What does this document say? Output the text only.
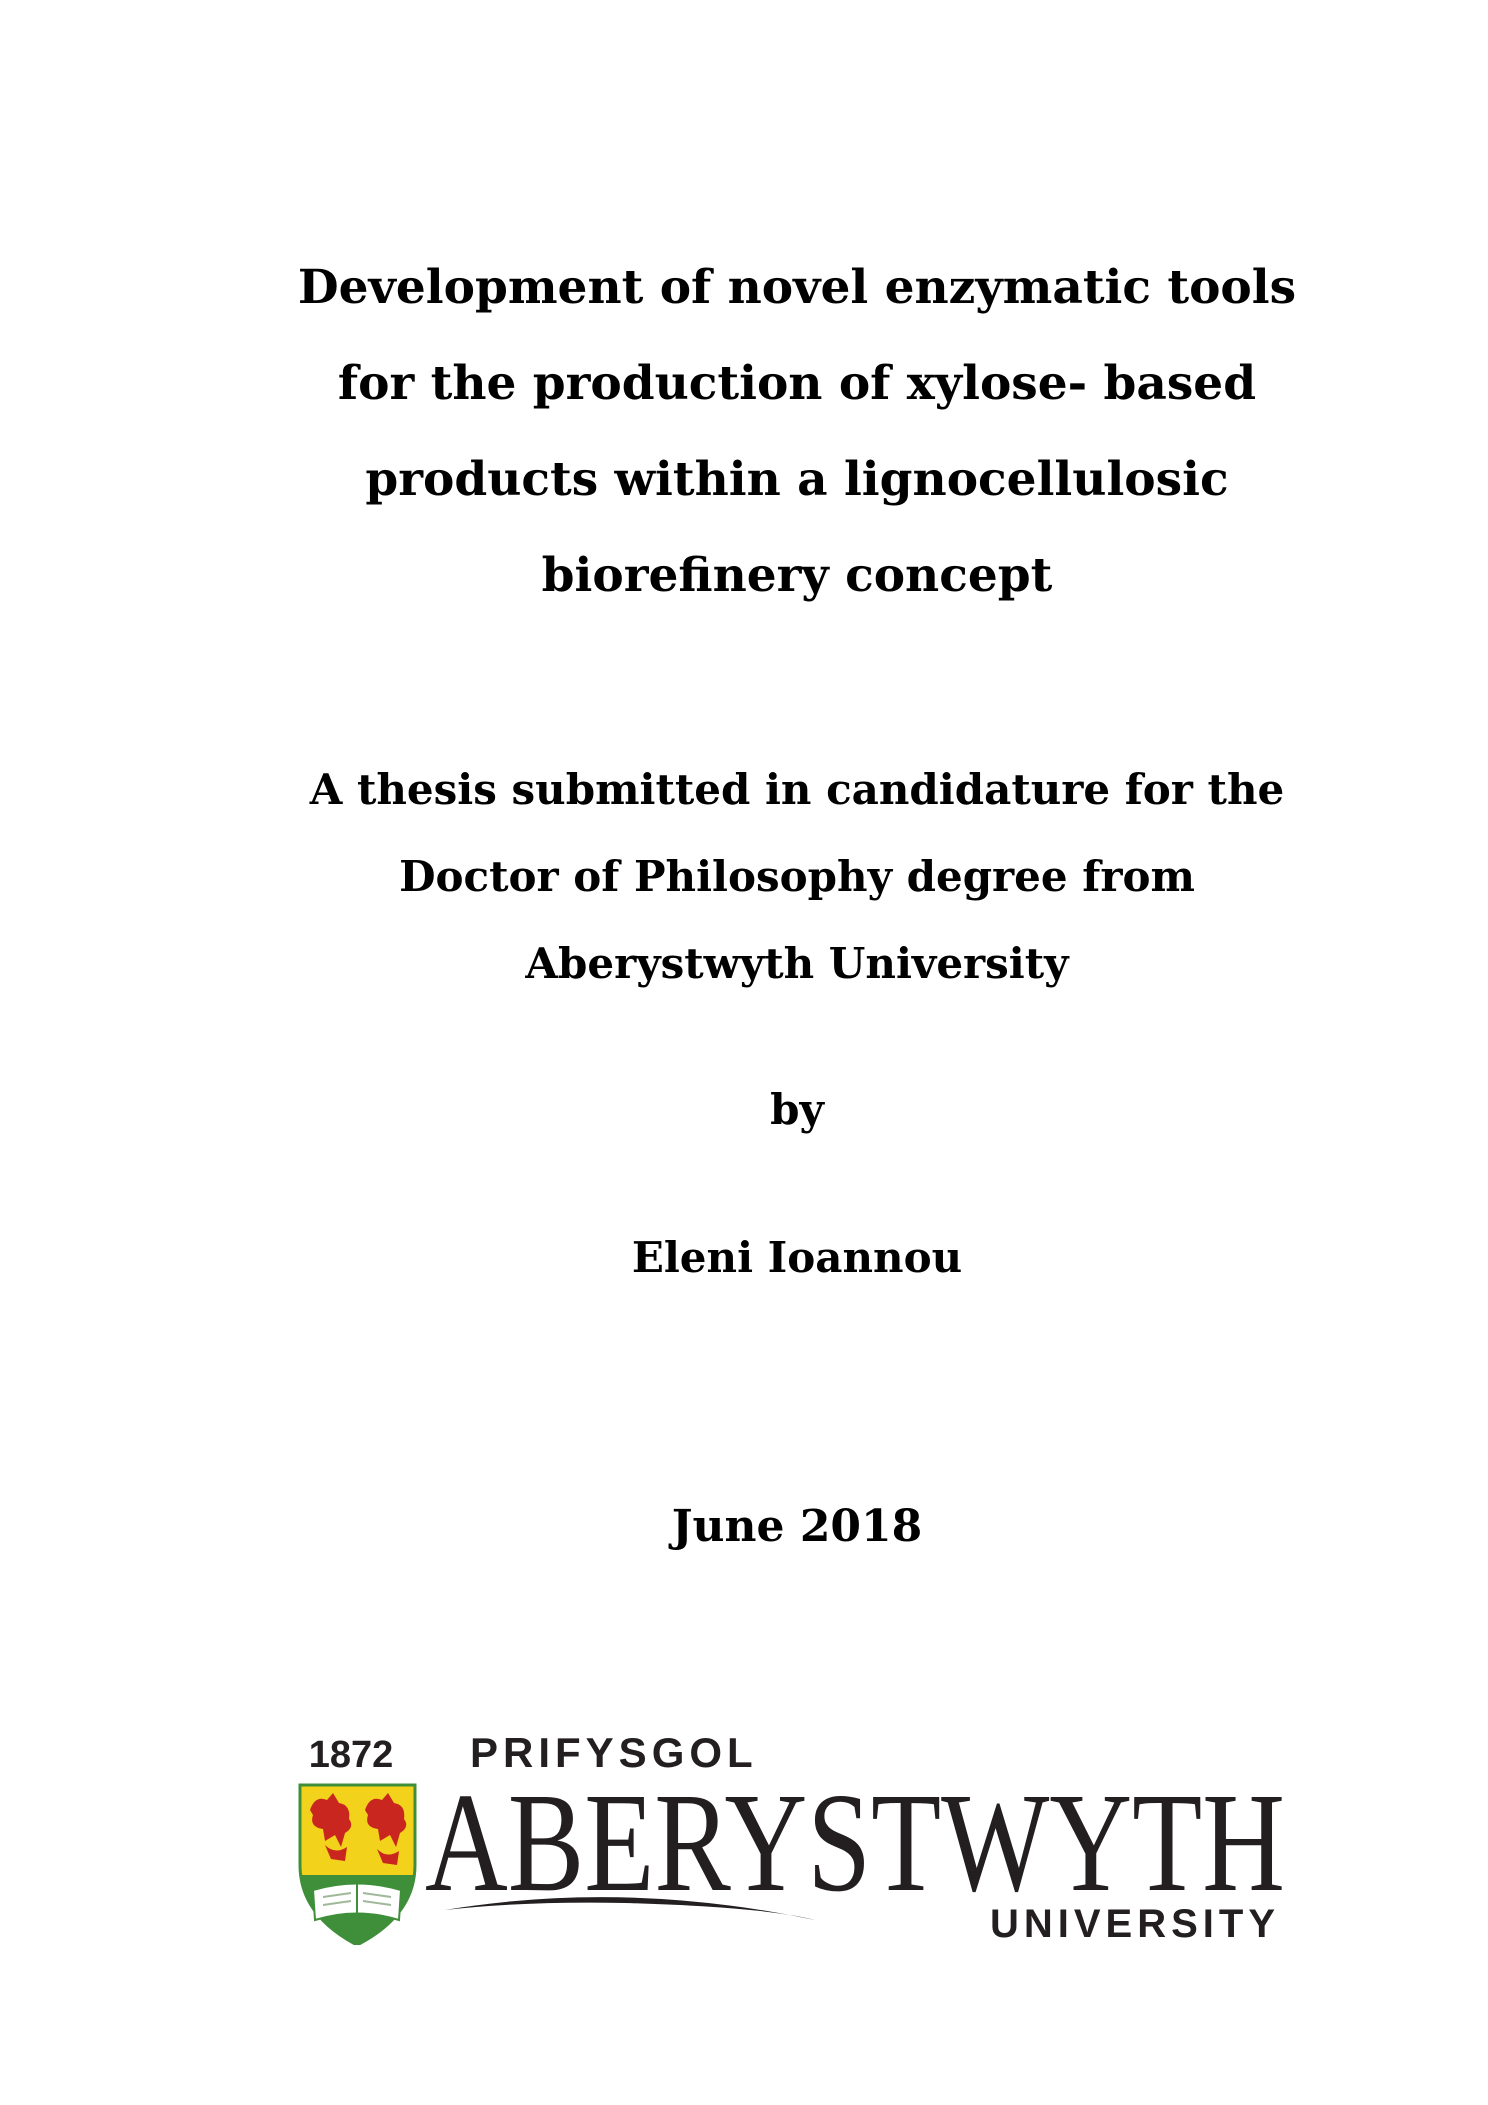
Development of novel enzymatic tools
for the production of xylose- based
products within a lignocellulosic
biorefinery concept
A thesis submitted in candidature for the
Doctor of Philosophy degree from
Aberystwyth University
by
Eleni Ioannou
June 2018
1872 PRIFYSGOL
ABERYSTWYTH
UNIVERSITY
